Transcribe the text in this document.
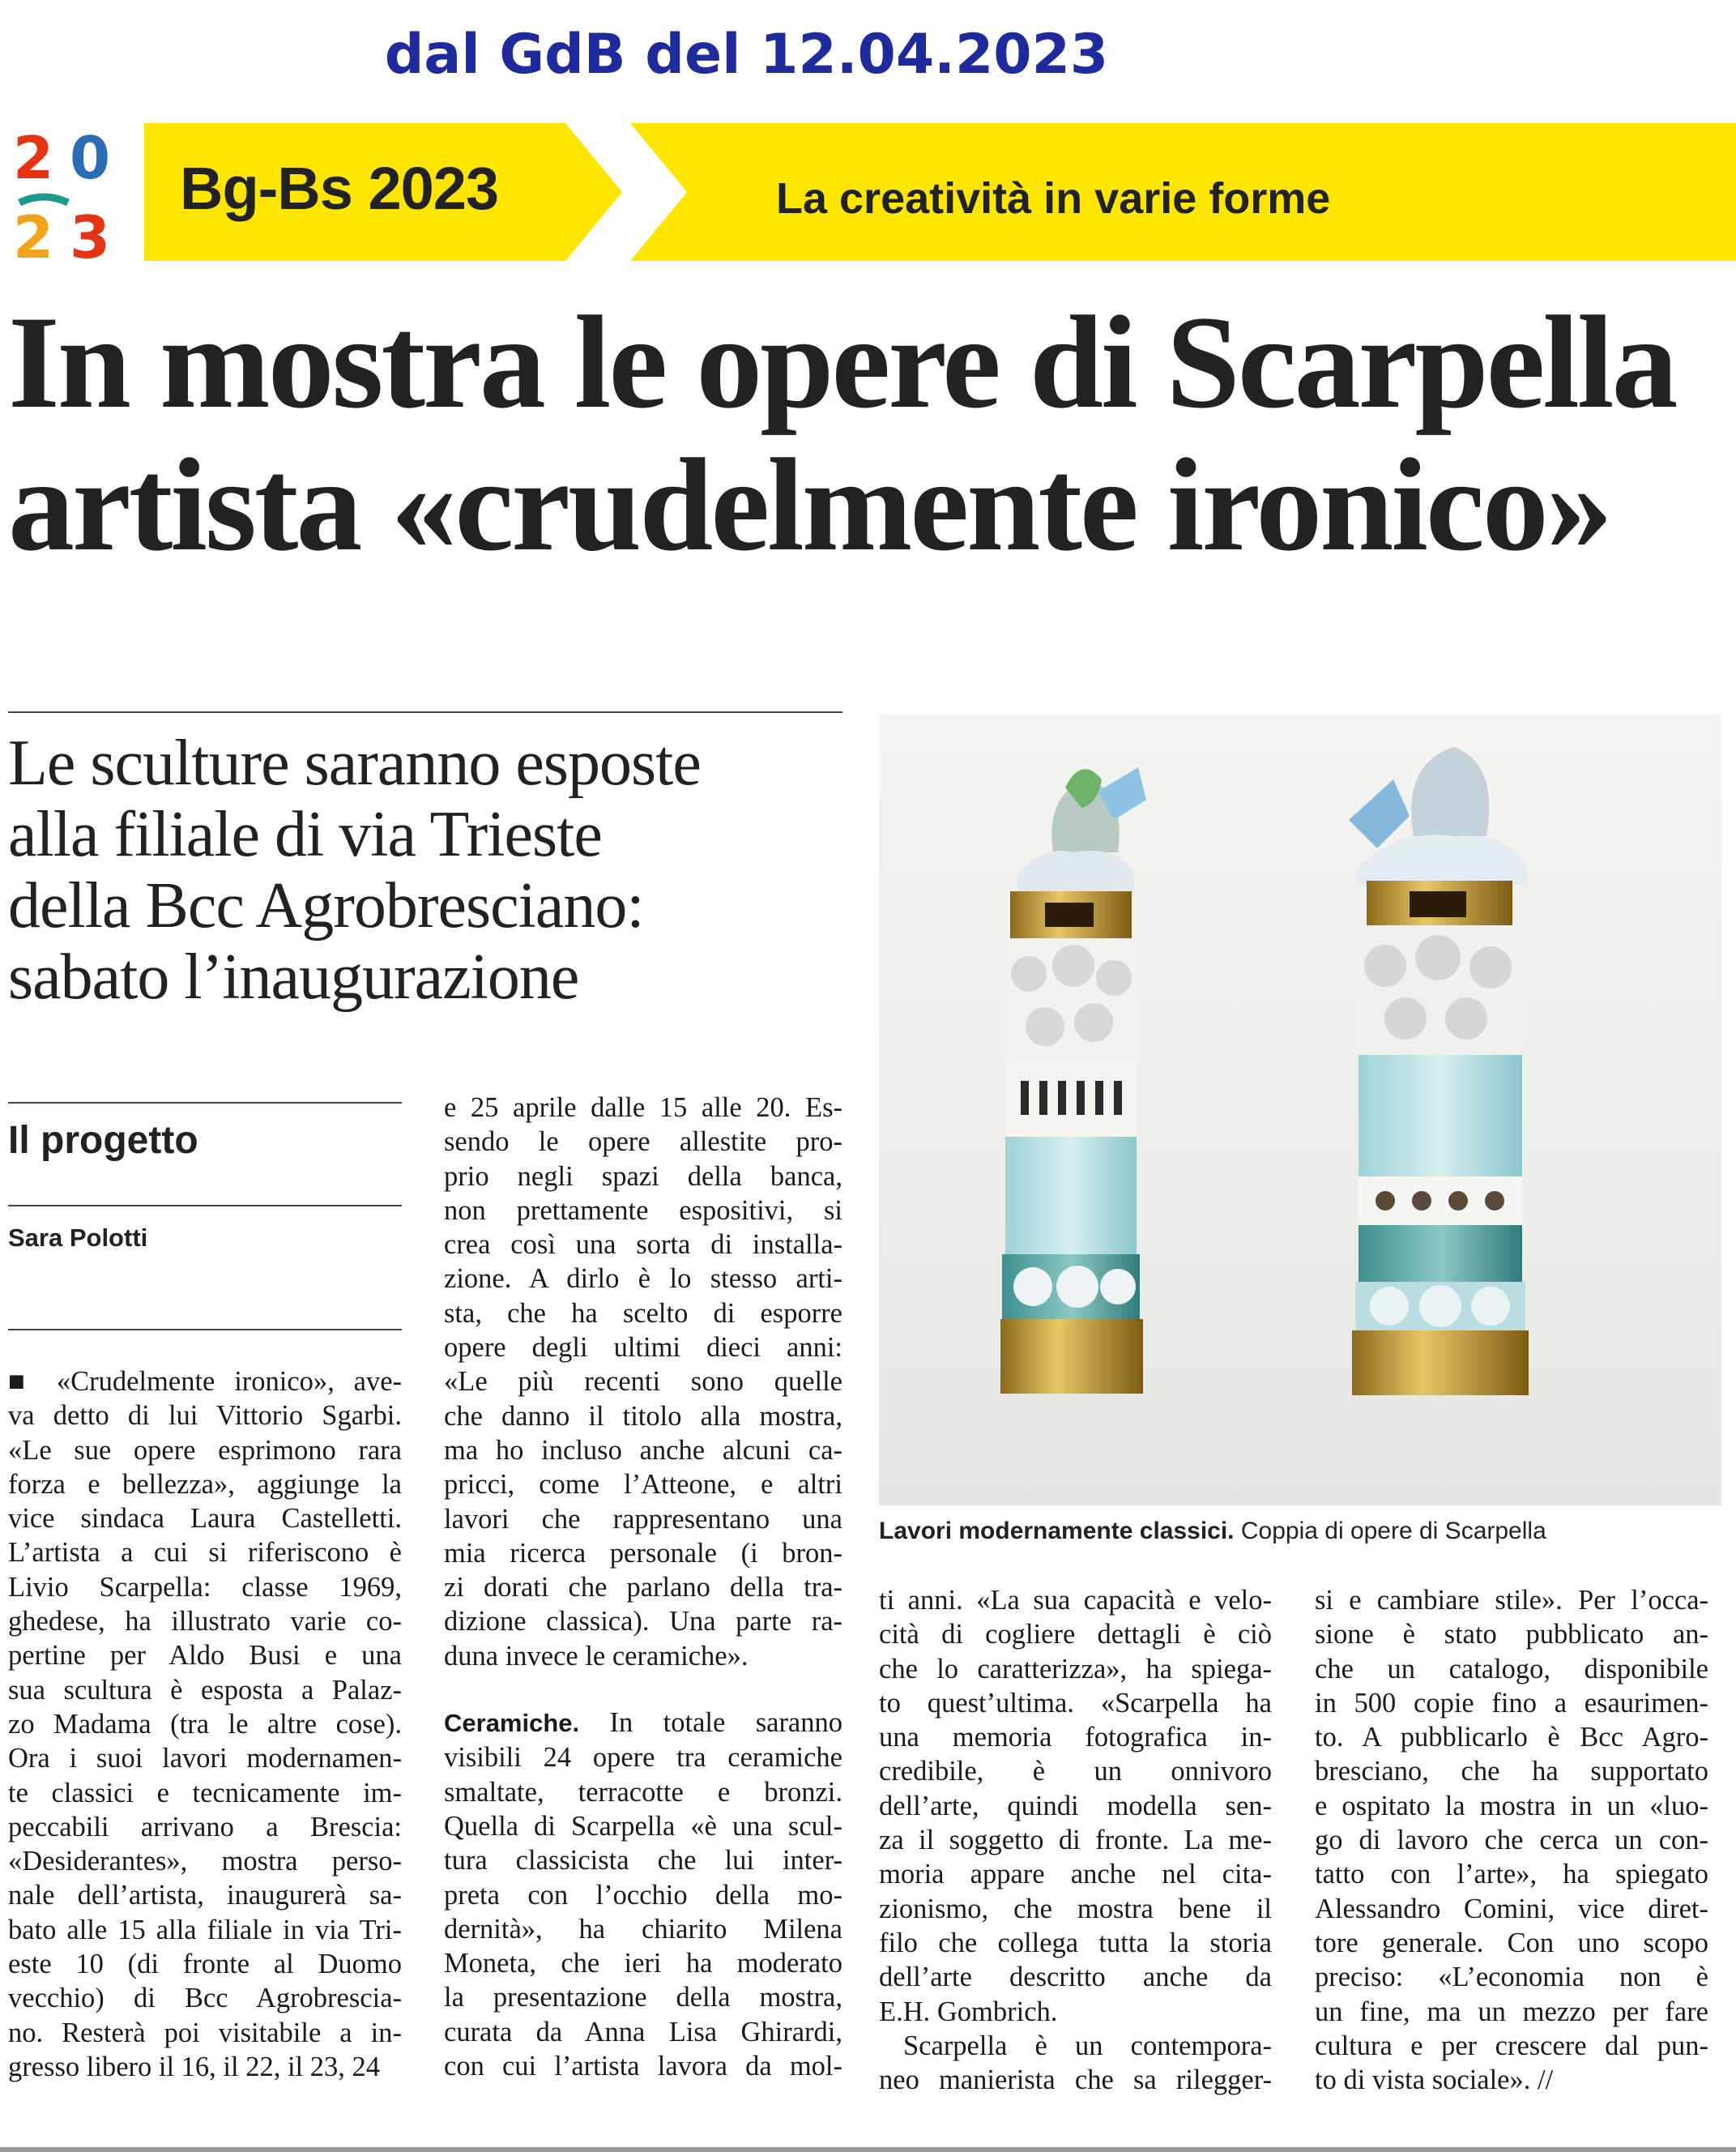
dal GdB del 12.04.2023
2 0
2 3
Bg-Bs 2023	La creatività in varie forme
In mostra le opere di Scarpella
artista «crudelmente ironico»
Le sculture saranno esposte
alla filiale di via Trieste
della Bcc Agrobresciano:
sabato l’inaugurazione
Il progetto
Sara Polotti
■ «Crudelmente ironico», ave-
va detto di lui Vittorio Sgarbi.
«Le sue opere esprimono rara
forza e bellezza», aggiunge la
vice sindaca Laura Castelletti.
L’artista a cui si riferiscono è
Livio Scarpella: classe 1969,
ghedese, ha illustrato varie co-
pertine per Aldo Busi e una
sua scultura è esposta a Palaz-
zo Madama (tra le altre cose).
Ora i suoi lavori modernamen-
te classici e tecnicamente im-
peccabili arrivano a Brescia:
«Desiderantes», mostra perso-
nale dell’artista, inaugurerà sa-
bato alle 15 alla filiale in via Tri-
este 10 (di fronte al Duomo
vecchio) di Bcc Agrobrescia-
no. Resterà poi visitabile a in-
gresso libero il 16, il 22, il 23, 24
e 25 aprile dalle 15 alle 20. Es-
sendo le opere allestite pro-
prio negli spazi della banca,
non prettamente espositivi, si
crea così una sorta di installa-
zione. A dirlo è lo stesso arti-
sta, che ha scelto di esporre
opere degli ultimi dieci anni:
«Le più recenti sono quelle
che danno il titolo alla mostra,
ma ho incluso anche alcuni ca-
pricci, come l’Atteone, e altri
lavori che rappresentano una
mia ricerca personale (i bron-
zi dorati che parlano della tra-
dizione classica). Una parte ra-
duna invece le ceramiche».
Ceramiche. In totale saranno
visibili 24 opere tra ceramiche
smaltate, terracotte e bronzi.
Quella di Scarpella «è una scul-
tura classicista che lui inter-
preta con l’occhio della mo-
dernità», ha chiarito Milena
Moneta, che ieri ha moderato
la presentazione della mostra,
curata da Anna Lisa Ghirardi,
con cui l’artista lavora da mol-
ti anni. «La sua capacità e velo-
cità di cogliere dettagli è ciò
che lo caratterizza», ha spiega-
to quest’ultima. «Scarpella ha
una memoria fotografica in-
credibile, è un onnivoro
dell’arte, quindi modella sen-
za il soggetto di fronte. La me-
moria appare anche nel cita-
zionismo, che mostra bene il
filo che collega tutta la storia
dell’arte descritto anche da
E.H. Gombrich.
Scarpella è un contempora-
neo manierista che sa rilegger-
si e cambiare stile». Per l’occa-
sione è stato pubblicato an-
che un catalogo, disponibile
in 500 copie fino a esaurimen-
to. A pubblicarlo è Bcc Agro-
bresciano, che ha supportato
e ospitato la mostra in un «luo-
go di lavoro che cerca un con-
tatto con l’arte», ha spiegato
Alessandro Comini, vice diret-
tore generale. Con uno scopo
preciso: «L’economia non è
un fine, ma un mezzo per fare
cultura e per crescere dal pun-
to di vista sociale». //
Lavori modernamente classici. Coppia di opere di Scarpella
